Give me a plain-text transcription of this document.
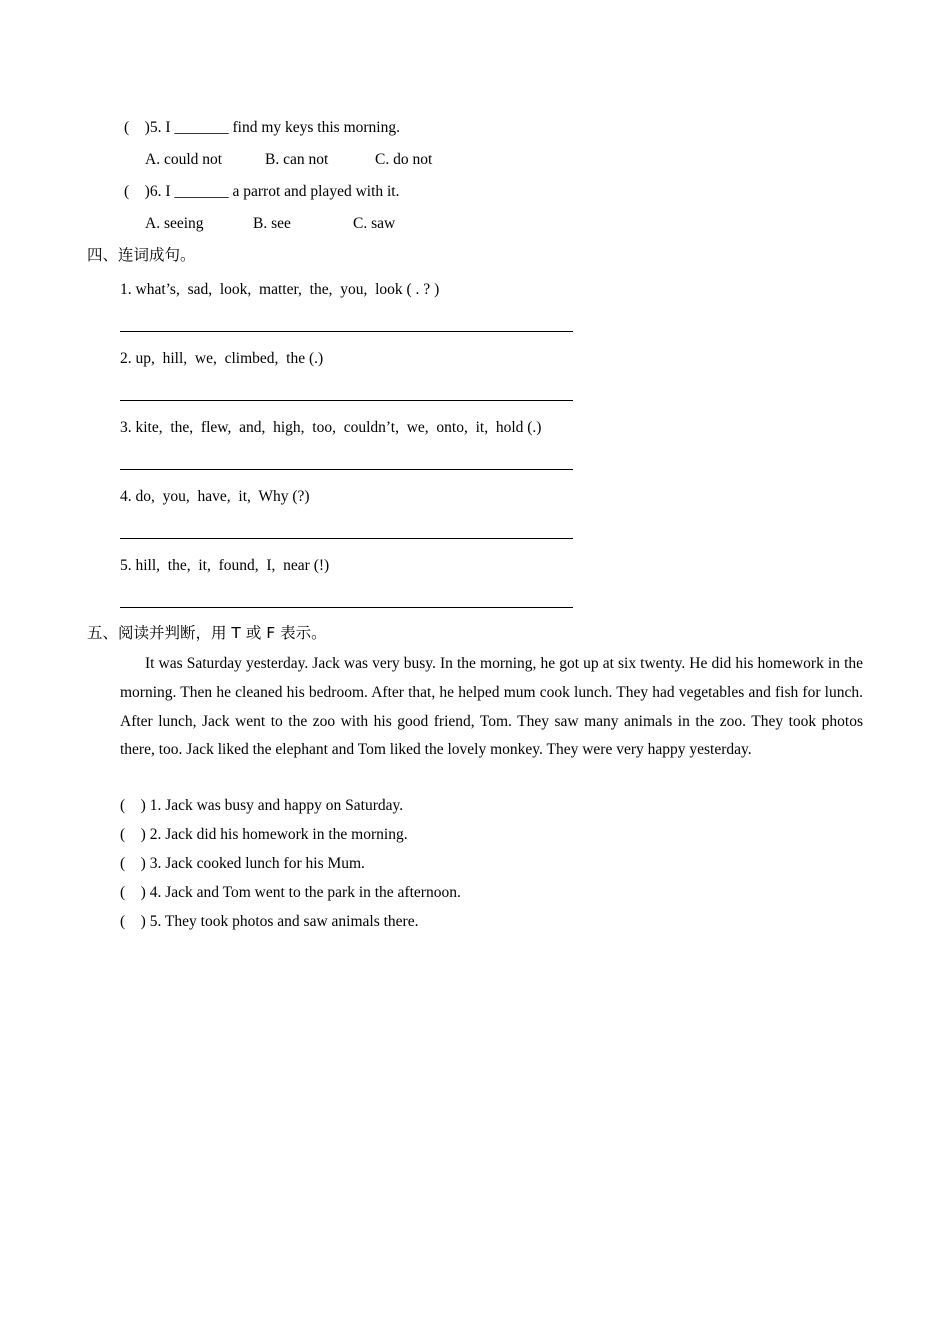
(    )5. I _______ find my keys this morning.
A. could not	B. can not	C. do not
(    )6. I _______ a parrot and played with it.
A. seeing	B. see	C. saw
四、连词成句。
1. what’s,  sad,  look,  matter,  the,  you,  look ( . ? )
2. up,  hill,  we,  climbed,  the (.)
3. kite,  the,  flew,  and,  high,  too,  couldn’t,  we,  onto,  it,  hold (.)
4. do,  you,  have,  it,  Why (?)
5. hill,  the,  it,  found,  I,  near (!)
五、阅读并判断，用 T 或 F 表示。
It was Saturday yesterday. Jack was very busy. In the morning, he got up at six twenty. He did his homework in the morning. Then he cleaned his bedroom. After that, he helped mum cook lunch. They had vegetables and fish for lunch. After lunch, Jack went to the zoo with his good friend, Tom. They saw many animals in the zoo. They took photos there, too. Jack liked the elephant and Tom liked the lovely monkey. They were very happy yesterday.
(    ) 1. Jack was busy and happy on Saturday.
(    ) 2. Jack did his homework in the morning.
(    ) 3. Jack cooked lunch for his Mum.
(    ) 4. Jack and Tom went to the park in the afternoon.
(    ) 5. They took photos and saw animals there.
